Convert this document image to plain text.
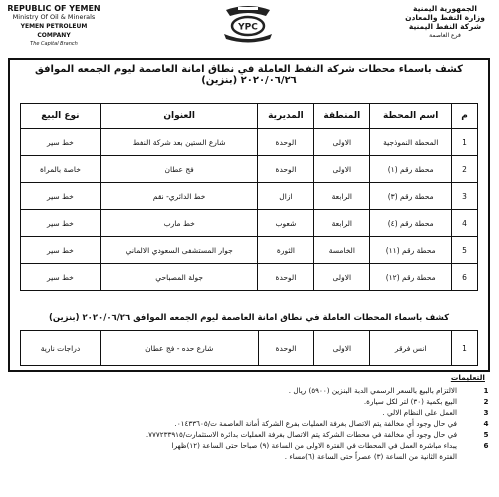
REPUBLIC OF YEMEN
Ministry Of Oil & Minerals
YEMEN PETROLEUM COMPANY
The Capital Branch
YPC
الجمهورية اليمنية
وزارة النفط والمعادن
شركة النفط اليمنية
فرع العاصمة
كشف باسماء محطات شركة النفط العاملة في نطاق امانة العاصمة ليوم الجمعه الموافق ٢٠٢٠/٠٦/٢٦ (بنزين)
م	اسم المحطة	المنطقة	المديرية	العنوان	نوع البيع
1	المحطة النموذجية	الاولى	الوحدة	شارع الستين بعد شركة النفط	خط سير
2	محطة رقم (١)	الاولى	الوحدة	فج عطان	خاصة بالمراة
3	محطة رقم (٣)	الرابعة	ازال	خط الدائري- نقم	خط سير
4	محطة رقم (٤)	الرابعة	شعوب	خط مارب	خط سير
5	محطة رقم (١١)	الخامسة	الثورة	جوار المستشفى السعودي الالماني	خط سير
6	محطة رقم (١٢)	الاولى	الوحدة	جولة المصباحي	خط سير
كشف باسماء المحطات العاملة في نطاق امانة العاصمة ليوم الجمعه الموافق ٢٠٢٠/٠٦/٢٦ (بنزين)
1	انس فرقر	الاولى	الوحدة	شارع حده - فج عطان	دراجات نارية
التعليمات
1
الالتزام بالبيع بالسعر الرسمي الدبة البنزين (٥٩٠٠) ريال .
2
البيع بكمية (٣٠) لتر لكل سيارة.
3
العمل على النظام الالي .
4
في حال وجود أي مخالفة يتم الاتصال بغرفة العمليات بفرع الشركة أمانة العاصمة ت/٠١٤٣٣٦٠٥.
5
في حال وجود أي مخالفة في محطات الشركة يتم الاتصال بغرفة العمليات بدائرة الاستثمارت/٧٧٧٢٣٣٩١٥.
6
يبداء مباشرة العمل في المحطات في الفترة الاولى من الساعة (٩) صباحا حتى الساعة (١٢)ظهرا
الفترة الثانية من الساعة (٣) عصراً حتى الساعة (٦)مساء .
